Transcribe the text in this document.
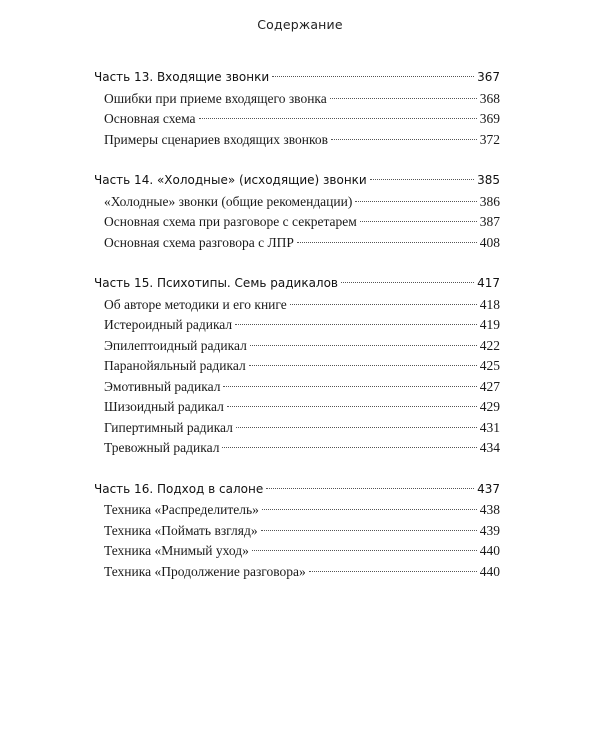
Содержание
Часть 13. Входящие звонки	367
Ошибки при приеме входящего звонка	368
Основная схема	369
Примеры сценариев входящих звонков	372
Часть 14. «Холодные» (исходящие) звонки	385
«Холодные» звонки (общие рекомендации)	386
Основная схема при разговоре с секретарем	387
Основная схема разговора с ЛПР	408
Часть 15. Психотипы. Семь радикалов	417
Об авторе методики и его книге	418
Истероидный радикал	419
Эпилептоидный радикал	422
Паранойяльный радикал	425
Эмотивный радикал	427
Шизоидный радикал	429
Гипертимный радикал	431
Тревожный радикал	434
Часть 16. Подход в салоне	437
Техника «Распределитель»	438
Техника «Поймать взгляд»	439
Техника «Мнимый уход»	440
Техника «Продолжение разговора»	440
